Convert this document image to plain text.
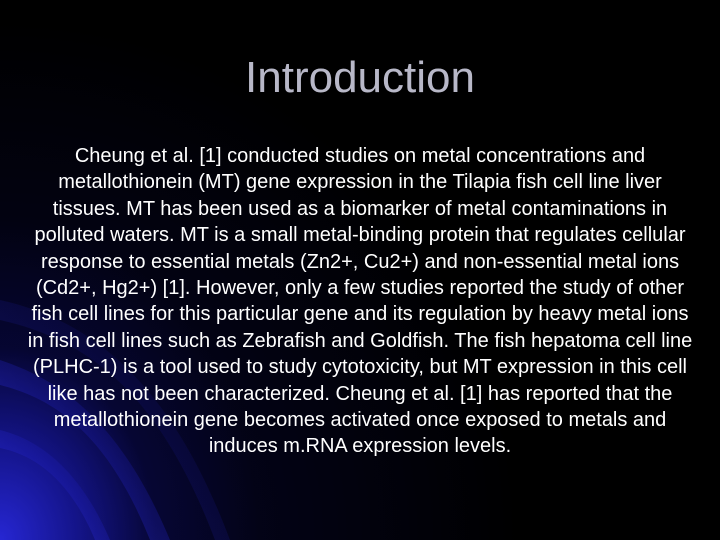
Introduction

Cheung et al. [1] conducted studies on metal concentrations and metallothionein (MT) gene expression in the Tilapia fish cell line liver tissues. MT has been used as a biomarker of metal contaminations in polluted waters. MT is a small metal-binding protein that regulates cellular response to essential metals (Zn2+, Cu2+) and non-essential metal ions (Cd2+, Hg2+) [1]. However, only a few studies reported the study of other fish cell lines for this particular gene and its regulation by heavy metal ions in fish cell lines such as Zebrafish and Goldfish. The fish hepatoma cell line (PLHC-1) is a tool used to study cytotoxicity, but MT expression in this cell like has not been characterized. Cheung et al. [1] has reported that the metallothionein gene becomes activated once exposed to metals and induces m.RNA expression levels.
